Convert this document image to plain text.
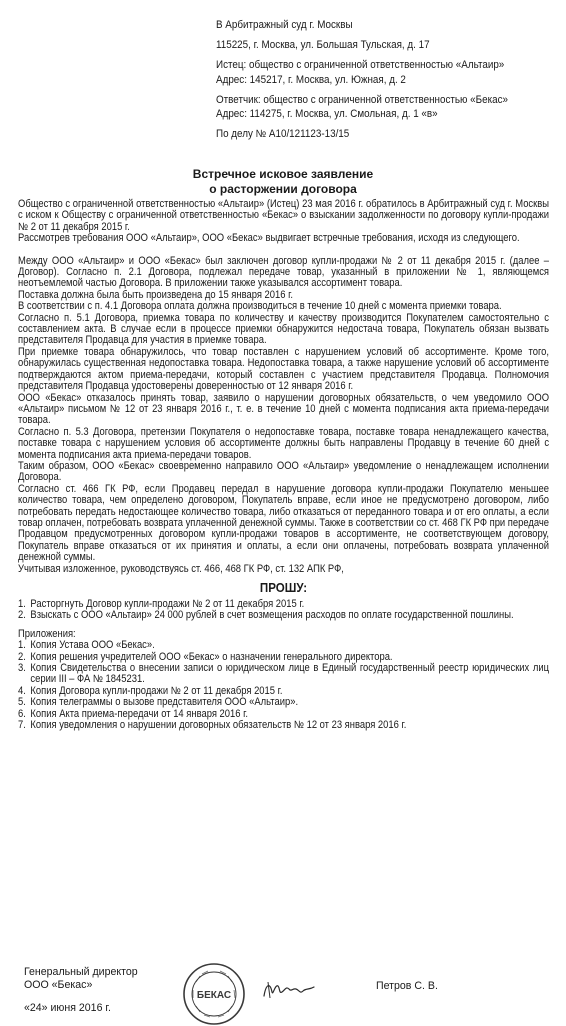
В Арбитражный суд г. Москвы
115225, г. Москва, ул. Большая Тульская, д. 17
Истец: общество с ограниченной ответственностью «Альтаир»
Адрес: 145217, г. Москва, ул. Южная, д. 2
Ответчик: общество с ограниченной ответственностью «Бекас»
Адрес: 114275, г. Москва, ул. Смольная, д. 1 «в»
По делу № А10/121123-13/15
Встречное исковое заявление
о расторжении договора

Общество с ограниченной ответственностью «Альтаир» (Истец) 23 мая 2016 г. обратилось в Арбитражный суд г. Москвы с иском к Обществу с ограниченной ответственностью «Бекас» о взыскании задолженности по договору купли-продажи № 2 от 11 декабря 2015 г.

Рассмотрев требования ООО «Альтаир», ООО «Бекас» выдвигает встречные требования, исходя из следующего.

Между ООО «Альтаир» и ООО «Бекас» был заключен договор купли-продажи № 2 от 11 декабря 2015 г. (далее – Договор). Согласно п. 2.1 Договора, подлежал передаче товар, указанный в приложении № 1, являющемся неотъемлемой частью Договора. В приложении также указывался ассортимент товара.

Поставка должна была быть произведена до 15 января 2016 г.

В соответствии с п. 4.1 Договора оплата должна производиться в течение 10 дней с момента приемки товара.

Согласно п. 5.1 Договора, приемка товара по количеству и качеству производится Покупателем самостоятельно с составлением акта. В случае если в процессе приемки обнаружится недостача товара, Покупатель обязан вызвать представителя Продавца для участия в приемке товара.

При приемке товара обнаружилось, что товар поставлен с нарушением условий об ассортименте. Кроме того, обнаружилась существенная недопоставка товара. Недопоставка товара, а также нарушение условий об ассортименте подтверждаются актом приема-передачи, который составлен с участием представителя Продавца. Полномочия представителя Продавца удостоверены доверенностью от 12 января 2016 г.

ООО «Бекас» отказалось принять товар, заявило о нарушении договорных обязательств, о чем уведомило ООО «Альтаир» письмом № 12 от 23 января 2016 г., т. е. в течение 10 дней с момента подписания акта приема-передачи товара.

Согласно п. 5.3 Договора, претензии Покупателя о недопоставке товара, поставке товара ненадлежащего качества, поставке товара с нарушением условия об ассортименте должны быть направлены Продавцу в течение 60 дней с момента подписания акта приема-передачи товаров.

Таким образом, ООО «Бекас» своевременно направило ООО «Альтаир» уведомление о ненадлежащем исполнении Договора.

Согласно ст. 466 ГК РФ, если Продавец передал в нарушение договора купли-продажи Покупателю меньшее количество товара, чем определено договором, Покупатель вправе, если иное не предусмотрено договором, либо потребовать передать недостающее количество товара, либо отказаться от переданного товара и от его оплаты, а если товар оплачен, потребовать возврата уплаченной денежной суммы. Также в соответствии со ст. 468 ГК РФ при передаче Продавцом предусмотренных договором купли-продажи товаров в ассортименте, не соответствующем договору, Покупатель вправе отказаться от их принятия и оплаты, а если они оплачены, потребовать возврата уплаченной денежной суммы.

Учитывая изложенное, руководствуясь ст. 466, 468 ГК РФ, ст. 132 АПК РФ,

ПРОШУ:

1. Расторгнуть Договор купли-продажи № 2 от 11 декабря 2015 г.
2. Взыскать с ООО «Альтаир» 24 000 рублей в счет возмещения расходов по оплате государственной пошлины.

Приложения:

1. Копия Устава ООО «Бекас».
2. Копия решения учредителей ООО «Бекас» о назначении генерального директора.
3. Копия Свидетельства о внесении записи о юридическом лице в Единый государственный реестр юридических лиц серии III – ФА № 1845231.
4. Копия Договора купли-продажи № 2 от 11 декабря 2015 г.
5. Копия телеграммы о вызове представителя ООО «Альтаир».
6. Копия Акта приема-передачи от 14 января 2016 г.
7. Копия уведомления о нарушении договорных обязательств № 12 от 23 января 2016 г.
Генеральный директор
ООО «Бекас»
«24» июня 2016 г.
БЕКАС
Петров С. В.
